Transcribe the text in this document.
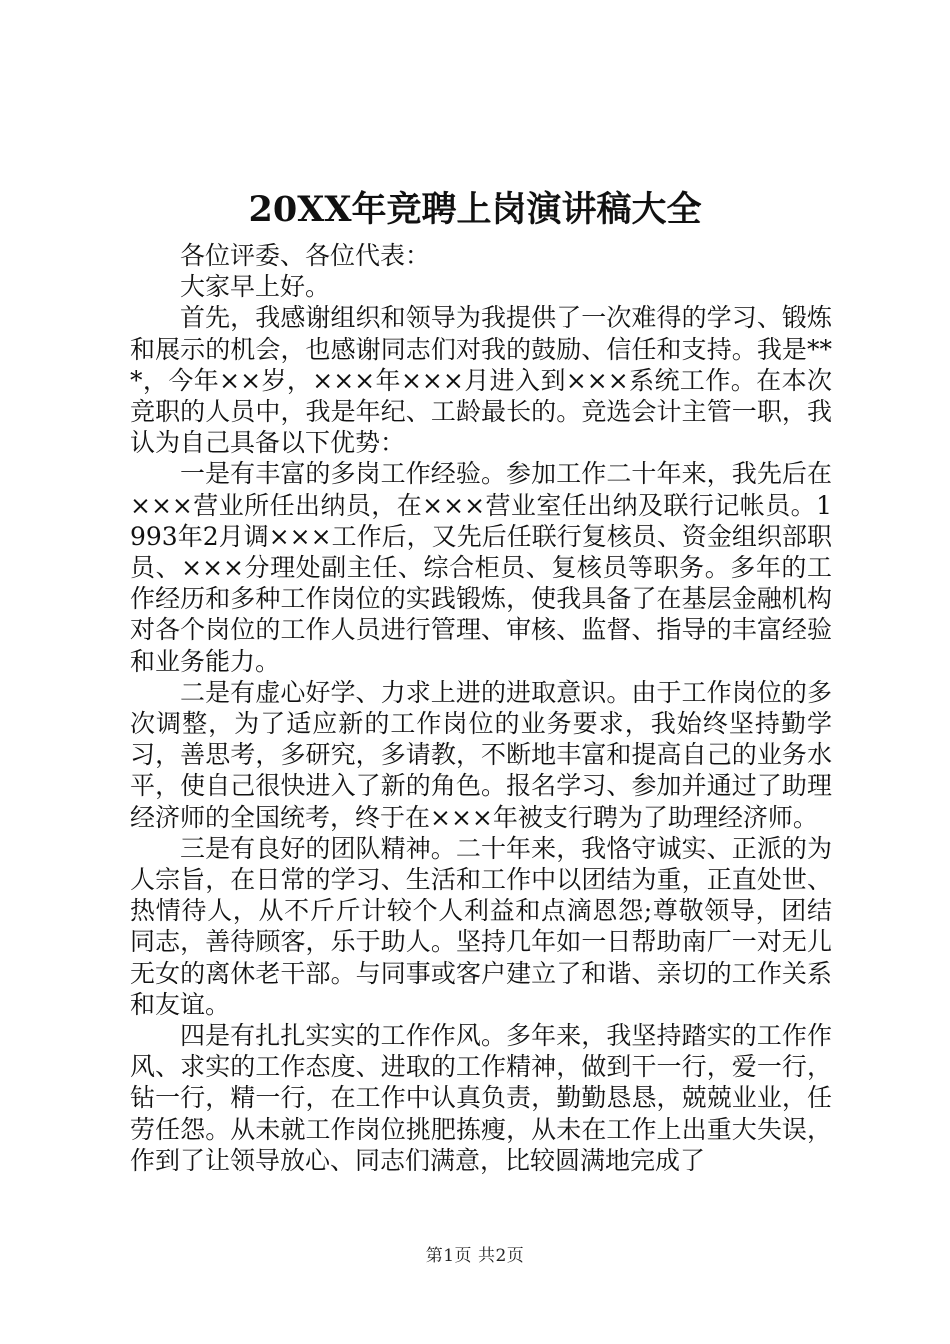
20XX年竞聘上岗演讲稿大全

各位评委、各位代表：

大家早上好。

首先，我感谢组织和领导为我提供了一次难得的学习、锻炼和展示的机会，也感谢同志们对我的鼓励、信任和支持。我是***，今年××岁，×××年×××月进入到×××系统工作。在本次竞职的人员中，我是年纪、工龄最长的。竞选会计主管一职，我认为自己具备以下优势：

一是有丰富的多岗工作经验。参加工作二十年来，我先后在×××营业所任出纳员，在×××营业室任出纳及联行记帐员。1993年2月调×××工作后，又先后任联行复核员、资金组织部职员、×××分理处副主任、综合柜员、复核员等职务。多年的工作经历和多种工作岗位的实践锻炼，使我具备了在基层金融机构对各个岗位的工作人员进行管理、审核、监督、指导的丰富经验和业务能力。

二是有虚心好学、力求上进的进取意识。由于工作岗位的多次调整，为了适应新的工作岗位的业务要求，我始终坚持勤学习，善思考，多研究，多请教，不断地丰富和提高自己的业务水平，使自己很快进入了新的角色。报名学习、参加并通过了助理经济师的全国统考，终于在×××年被支行聘为了助理经济师。

三是有良好的团队精神。二十年来，我恪守诚实、正派的为人宗旨，在日常的学习、生活和工作中以团结为重，正直处世、热情待人，从不斤斤计较个人利益和点滴恩怨;尊敬领导，团结同志，善待顾客，乐于助人。坚持几年如一日帮助南厂一对无儿无女的离休老干部。与同事或客户建立了和谐、亲切的工作关系和友谊。

四是有扎扎实实的工作作风。多年来，我坚持踏实的工作作风、求实的工作态度、进取的工作精神，做到干一行，爱一行，钻一行，精一行，在工作中认真负责，勤勤恳恳，兢兢业业，任劳任怨。从未就工作岗位挑肥拣瘦，从未在工作上出重大失误，作到了让领导放心、同志们满意，比较圆满地完成了

第1页 共2页
